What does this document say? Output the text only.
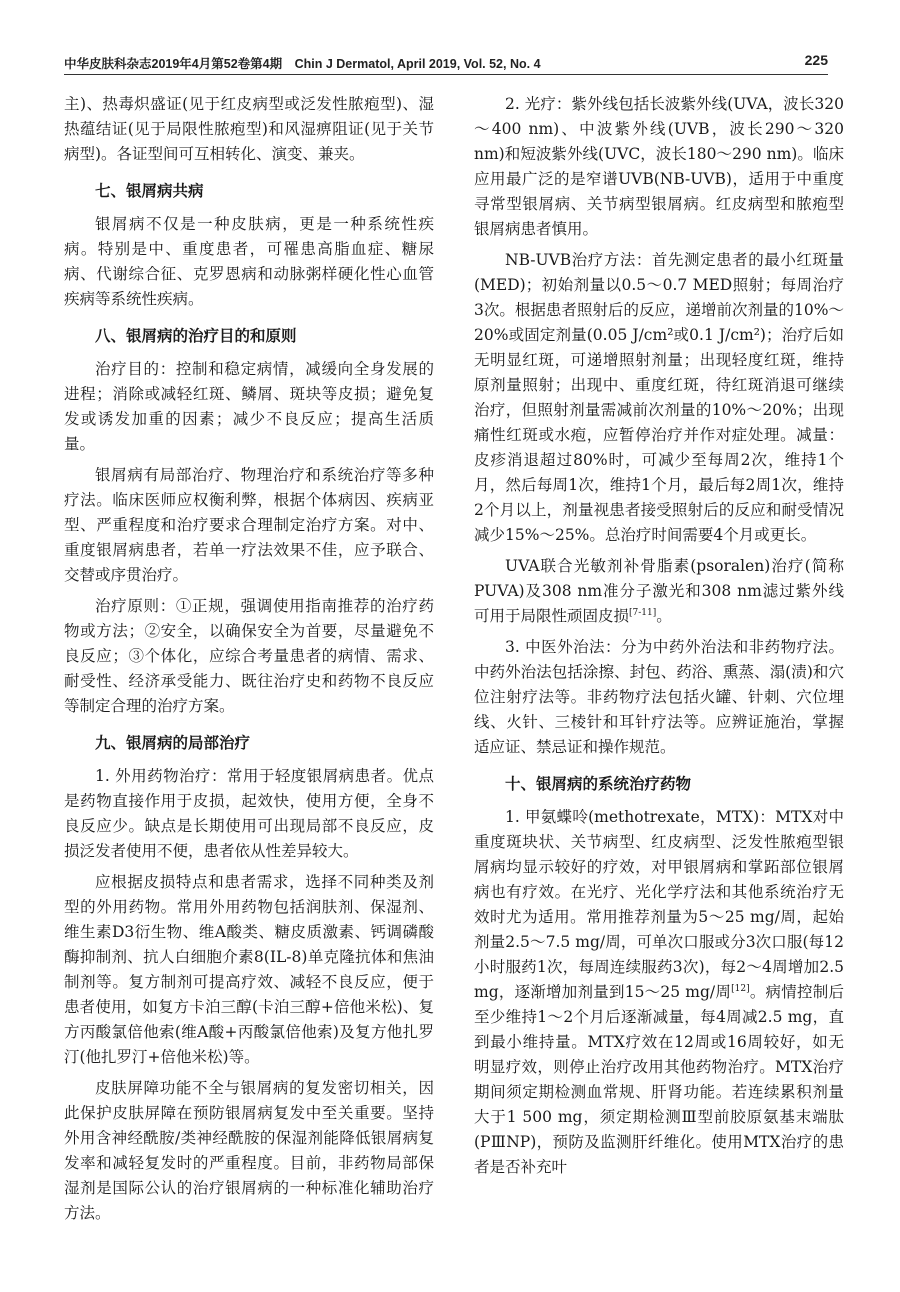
中华皮肤科杂志2019年4月第52卷第4期　Chin J Dermatol, April 2019, Vol. 52, No. 4	225

主)、热毒炽盛证(见于红皮病型或泛发性脓疱型)、湿热蕴结证(见于局限性脓疱型)和风湿痹阻证(见于关节病型)。各证型间可互相转化、演变、兼夹。

七、银屑病共病

银屑病不仅是一种皮肤病，更是一种系统性疾病。特别是中、重度患者，可罹患高脂血症、糖尿病、代谢综合征、克罗恩病和动脉粥样硬化性心血管疾病等系统性疾病。

八、银屑病的治疗目的和原则

治疗目的：控制和稳定病情，减缓向全身发展的进程；消除或减轻红斑、鳞屑、斑块等皮损；避免复发或诱发加重的因素；减少不良反应；提高生活质量。

银屑病有局部治疗、物理治疗和系统治疗等多种疗法。临床医师应权衡利弊，根据个体病因、疾病亚型、严重程度和治疗要求合理制定治疗方案。对中、重度银屑病患者，若单一疗法效果不佳，应予联合、交替或序贯治疗。

治疗原则：①正规，强调使用指南推荐的治疗药物或方法；②安全，以确保安全为首要，尽量避免不良反应；③个体化，应综合考量患者的病情、需求、耐受性、经济承受能力、既往治疗史和药物不良反应等制定合理的治疗方案。

九、银屑病的局部治疗

1. 外用药物治疗：常用于轻度银屑病患者。优点是药物直接作用于皮损，起效快，使用方便，全身不良反应少。缺点是长期使用可出现局部不良反应，皮损泛发者使用不便，患者依从性差异较大。

应根据皮损特点和患者需求，选择不同种类及剂型的外用药物。常用外用药物包括润肤剂、保湿剂、维生素D3衍生物、维A酸类、糖皮质激素、钙调磷酸酶抑制剂、抗人白细胞介素8(IL-8)单克隆抗体和焦油制剂等。复方制剂可提高疗效、减轻不良反应，便于患者使用，如复方卡泊三醇(卡泊三醇+倍他米松)、复方丙酸氯倍他索(维A酸+丙酸氯倍他索)及复方他扎罗汀(他扎罗汀+倍他米松)等。

皮肤屏障功能不全与银屑病的复发密切相关，因此保护皮肤屏障在预防银屑病复发中至关重要。坚持外用含神经酰胺/类神经酰胺的保湿剂能降低银屑病复发率和减轻复发时的严重程度。目前，非药物局部保湿剂是国际公认的治疗银屑病的一种标准化辅助治疗方法。

2. 光疗：紫外线包括长波紫外线(UVA，波长320～400 nm)、中波紫外线(UVB，波长290～320 nm)和短波紫外线(UVC，波长180～290 nm)。临床应用最广泛的是窄谱UVB(NB-UVB)，适用于中重度寻常型银屑病、关节病型银屑病。红皮病型和脓疱型银屑病患者慎用。

NB-UVB治疗方法：首先测定患者的最小红斑量(MED)；初始剂量以0.5～0.7 MED照射；每周治疗3次。根据患者照射后的反应，递增前次剂量的10%～20%或固定剂量(0.05 J/cm²或0.1 J/cm²)；治疗后如无明显红斑，可递增照射剂量；出现轻度红斑，维持原剂量照射；出现中、重度红斑，待红斑消退可继续治疗，但照射剂量需减前次剂量的10%～20%；出现痛性红斑或水疱，应暂停治疗并作对症处理。减量：皮疹消退超过80%时，可减少至每周2次，维持1个月，然后每周1次，维持1个月，最后每2周1次，维持2个月以上，剂量视患者接受照射后的反应和耐受情况减少15%～25%。总治疗时间需要4个月或更长。

UVA联合光敏剂补骨脂素(psoralen)治疗(简称PUVA)及308 nm准分子激光和308 nm滤过紫外线可用于局限性顽固皮损[7-11]。

3. 中医外治法：分为中药外治法和非药物疗法。中药外治法包括涂擦、封包、药浴、熏蒸、溻(渍)和穴位注射疗法等。非药物疗法包括火罐、针刺、穴位埋线、火针、三棱针和耳针疗法等。应辨证施治，掌握适应证、禁忌证和操作规范。

十、银屑病的系统治疗药物

1. 甲氨蝶呤(methotrexate，MTX)：MTX对中重度斑块状、关节病型、红皮病型、泛发性脓疱型银屑病均显示较好的疗效，对甲银屑病和掌跖部位银屑病也有疗效。在光疗、光化学疗法和其他系统治疗无效时尤为适用。常用推荐剂量为5～25 mg/周，起始剂量2.5～7.5 mg/周，可单次口服或分3次口服(每12小时服药1次，每周连续服药3次)，每2～4周增加2.5 mg，逐渐增加剂量到15～25 mg/周[12]。病情控制后至少维持1～2个月后逐渐减量，每4周减2.5 mg，直到最小维持量。MTX疗效在12周或16周较好，如无明显疗效，则停止治疗改用其他药物治疗。MTX治疗期间须定期检测血常规、肝肾功能。若连续累积剂量大于1 500 mg，须定期检测Ⅲ型前胶原氨基末端肽(PⅢNP)，预防及监测肝纤维化。使用MTX治疗的患者是否补充叶
